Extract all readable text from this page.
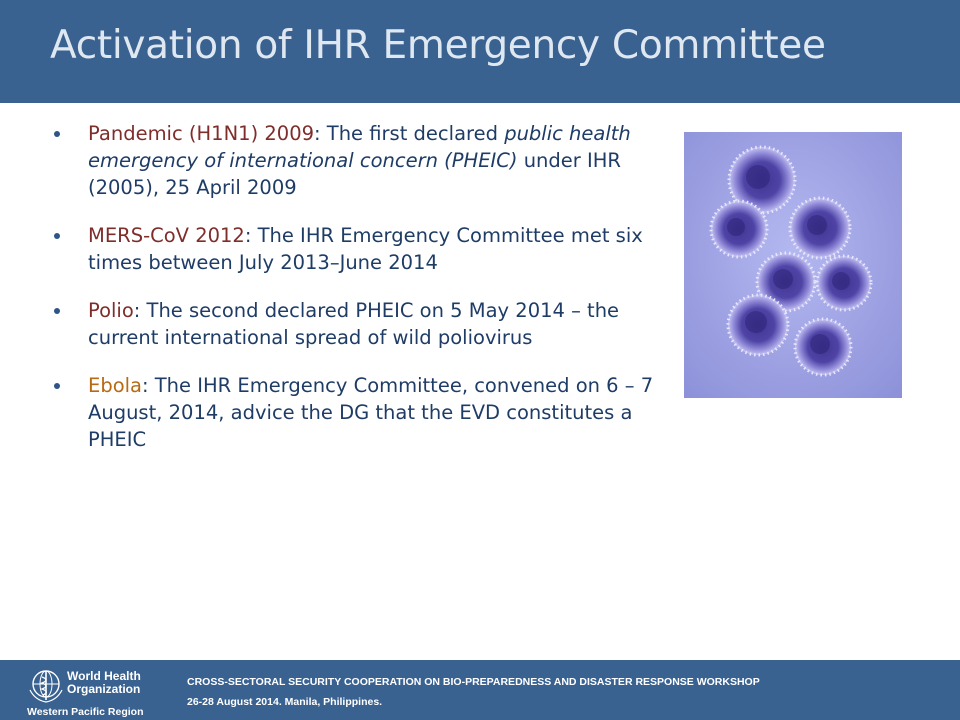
Activation of IHR Emergency Committee
Pandemic (H1N1) 2009: The first declared public health emergency of international concern (PHEIC) under IHR (2005), 25 April 2009
MERS-CoV 2012: The IHR Emergency Committee met six times between July 2013–June 2014
Polio: The second declared PHEIC on 5 May 2014 – the current international spread of wild poliovirus
Ebola: The IHR Emergency Committee, convened on 6 – 7 August, 2014, advice the DG that the EVD constitutes a PHEIC
World Health
Organization
Western Pacific Region
CROSS-SECTORAL SECURITY COOPERATION ON BIO-PREPAREDNESS AND DISASTER RESPONSE WORKSHOP
26-28 August 2014. Manila, Philippines.
